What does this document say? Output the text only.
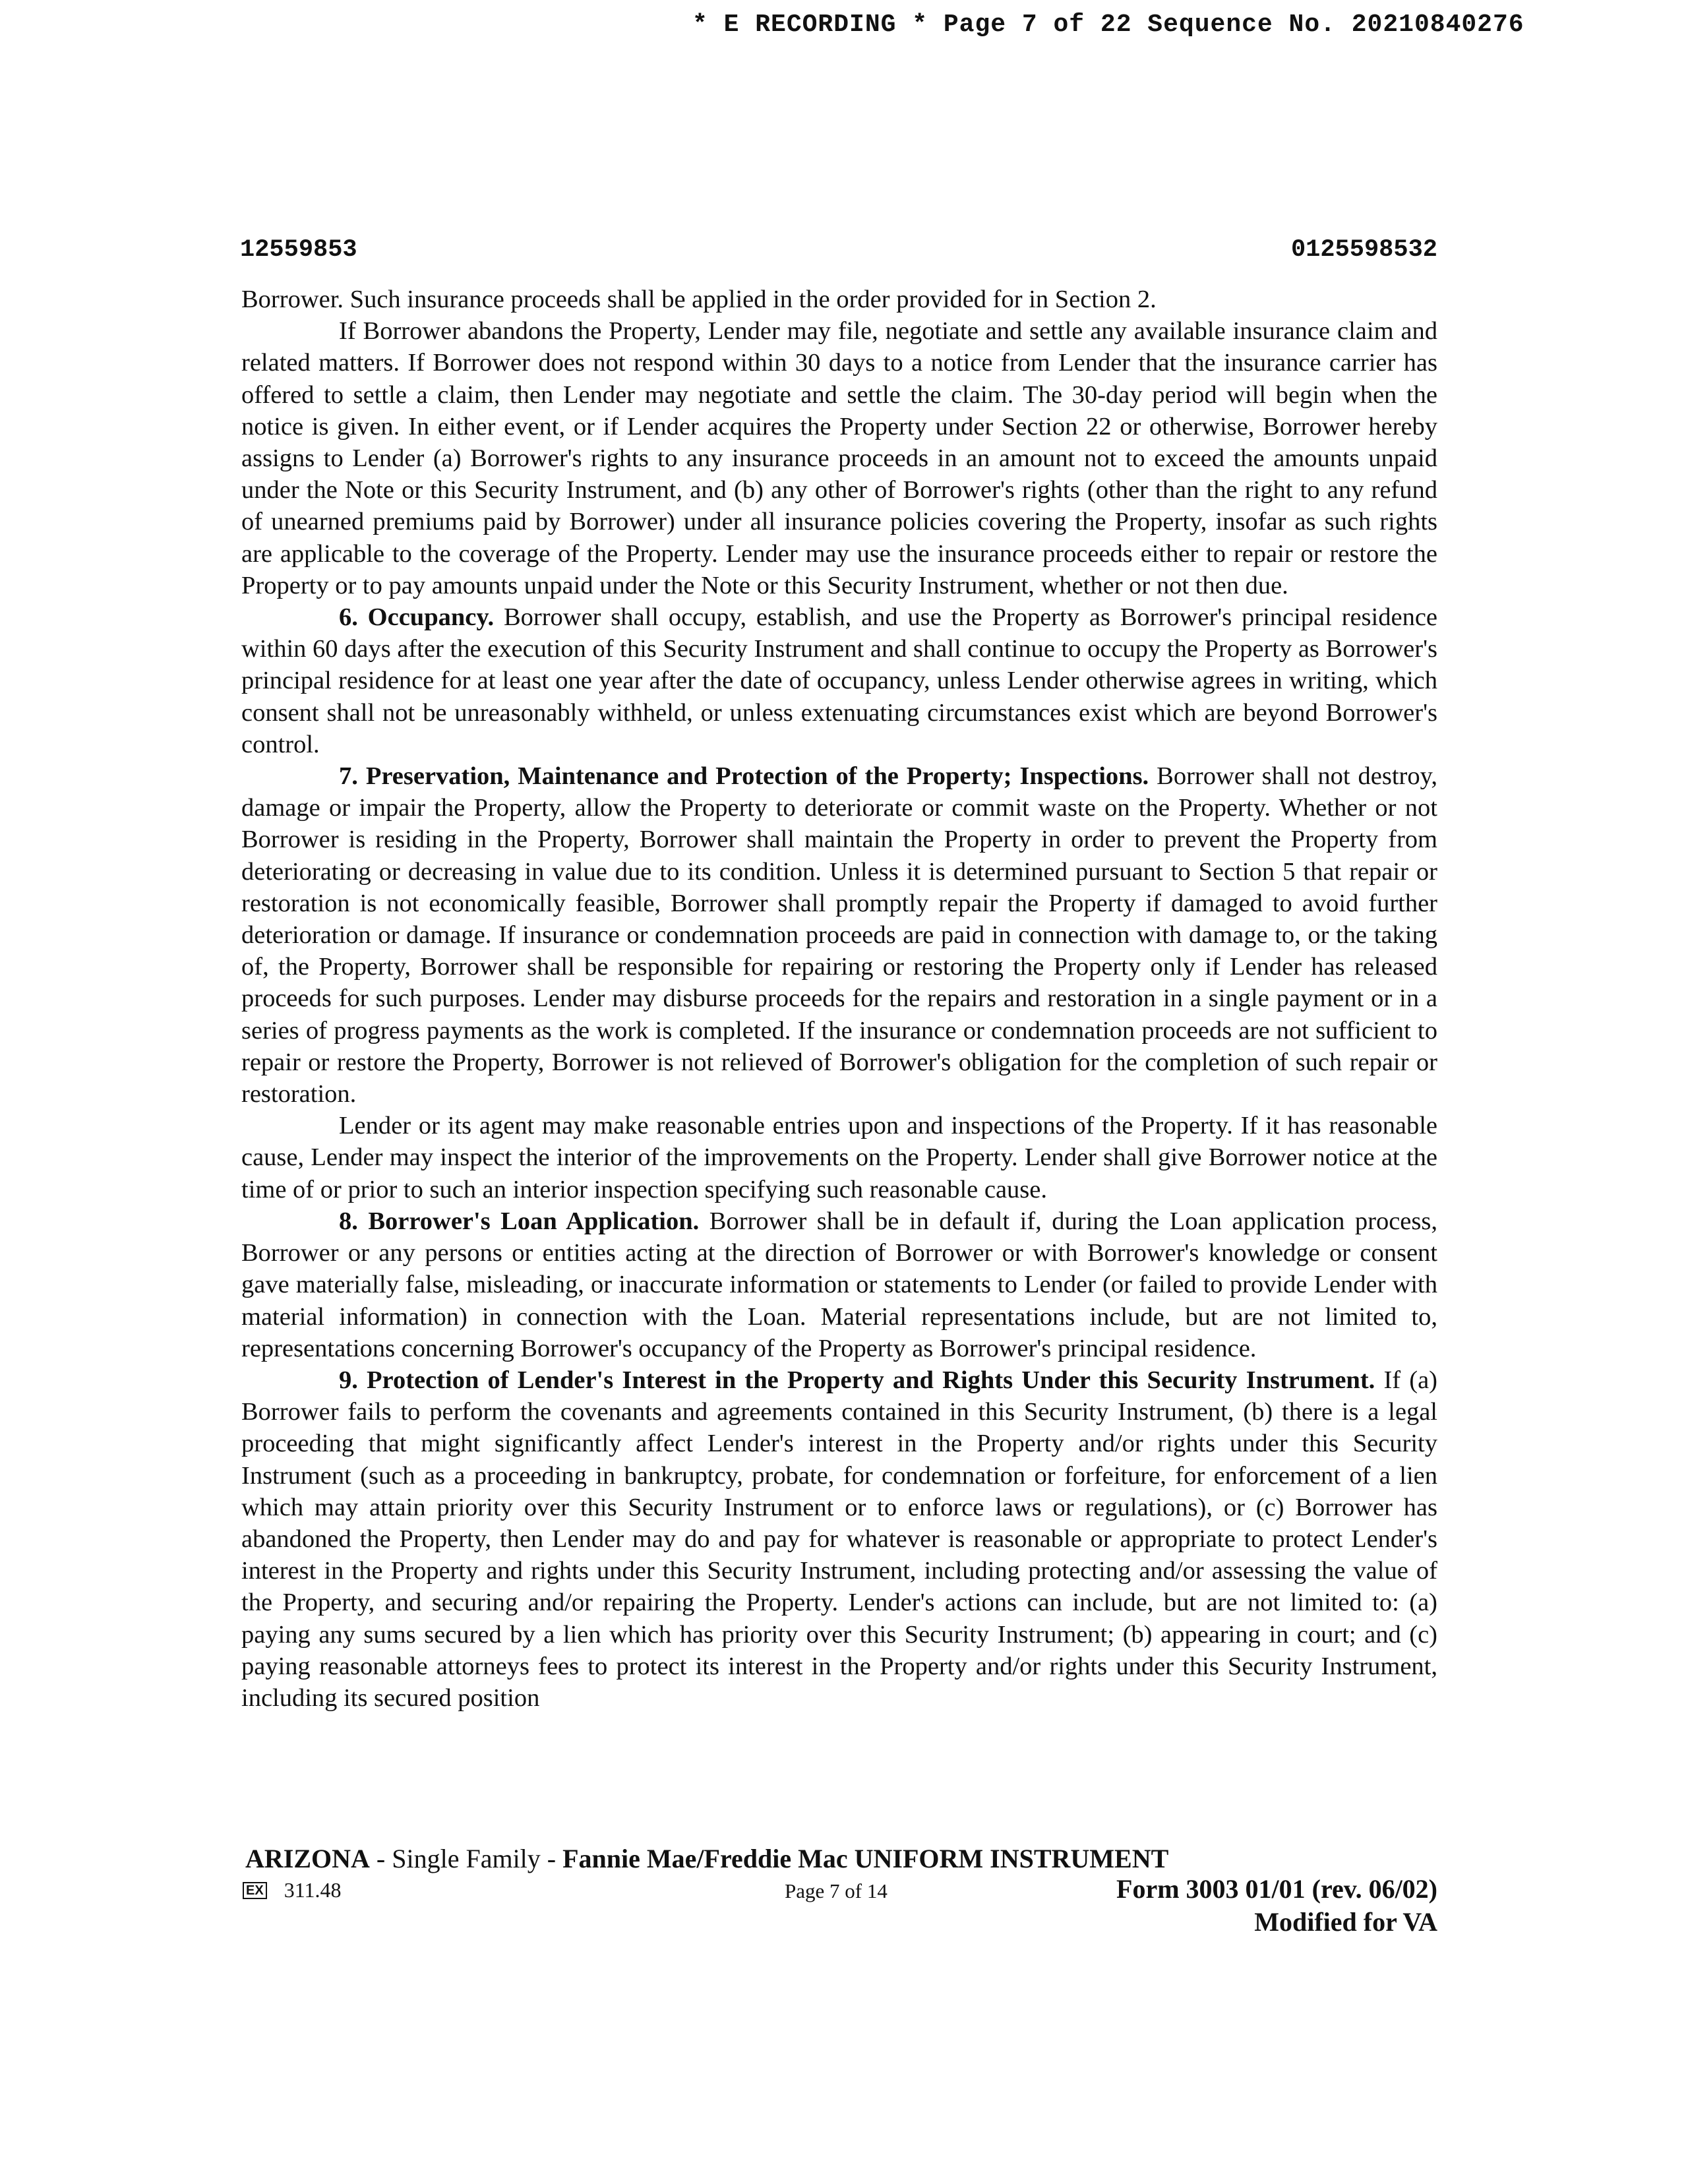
* E RECORDING * Page 7 of 22 Sequence No. 20210840276
12559853	0125598532

Borrower. Such insurance proceeds shall be applied in the order provided for in Section 2.

If Borrower abandons the Property, Lender may file, negotiate and settle any available insurance claim and related matters. If Borrower does not respond within 30 days to a notice from Lender that the insurance carrier has offered to settle a claim, then Lender may negotiate and settle the claim. The 30-day period will begin when the notice is given. In either event, or if Lender acquires the Property under Section 22 or otherwise, Borrower hereby assigns to Lender (a) Borrower's rights to any insurance proceeds in an amount not to exceed the amounts unpaid under the Note or this Security Instrument, and (b) any other of Borrower's rights (other than the right to any refund of unearned premiums paid by Borrower) under all insurance policies covering the Property, insofar as such rights are applicable to the coverage of the Property. Lender may use the insurance proceeds either to repair or restore the Property or to pay amounts unpaid under the Note or this Security Instrument, whether or not then due.

6. Occupancy. Borrower shall occupy, establish, and use the Property as Borrower's principal residence within 60 days after the execution of this Security Instrument and shall continue to occupy the Property as Borrower's principal residence for at least one year after the date of occupancy, unless Lender otherwise agrees in writing, which consent shall not be unreasonably withheld, or unless extenuating circumstances exist which are beyond Borrower's control.

7. Preservation, Maintenance and Protection of the Property; Inspections. Borrower shall not destroy, damage or impair the Property, allow the Property to deteriorate or commit waste on the Property. Whether or not Borrower is residing in the Property, Borrower shall maintain the Property in order to prevent the Property from deteriorating or decreasing in value due to its condition. Unless it is determined pursuant to Section 5 that repair or restoration is not economically feasible, Borrower shall promptly repair the Property if damaged to avoid further deterioration or damage. If insurance or condemnation proceeds are paid in connection with damage to, or the taking of, the Property, Borrower shall be responsible for repairing or restoring the Property only if Lender has released proceeds for such purposes. Lender may disburse proceeds for the repairs and restoration in a single payment or in a series of progress payments as the work is completed. If the insurance or condemnation proceeds are not sufficient to repair or restore the Property, Borrower is not relieved of Borrower's obligation for the completion of such repair or restoration.

Lender or its agent may make reasonable entries upon and inspections of the Property. If it has reasonable cause, Lender may inspect the interior of the improvements on the Property. Lender shall give Borrower notice at the time of or prior to such an interior inspection specifying such reasonable cause.

8. Borrower's Loan Application. Borrower shall be in default if, during the Loan application process, Borrower or any persons or entities acting at the direction of Borrower or with Borrower's knowledge or consent gave materially false, misleading, or inaccurate information or statements to Lender (or failed to provide Lender with material information) in connection with the Loan. Material representations include, but are not limited to, representations concerning Borrower's occupancy of the Property as Borrower's principal residence.

9. Protection of Lender's Interest in the Property and Rights Under this Security Instrument. If (a) Borrower fails to perform the covenants and agreements contained in this Security Instrument, (b) there is a legal proceeding that might significantly affect Lender's interest in the Property and/or rights under this Security Instrument (such as a proceeding in bankruptcy, probate, for condemnation or forfeiture, for enforcement of a lien which may attain priority over this Security Instrument or to enforce laws or regulations), or (c) Borrower has abandoned the Property, then Lender may do and pay for whatever is reasonable or appropriate to protect Lender's interest in the Property and rights under this Security Instrument, including protecting and/or assessing the value of the Property, and securing and/or repairing the Property. Lender's actions can include, but are not limited to: (a) paying any sums secured by a lien which has priority over this Security Instrument; (b) appearing in court; and (c) paying reasonable attorneys fees to protect its interest in the Property and/or rights under this Security Instrument, including its secured position

ARIZONA - Single Family - Fannie Mae/Freddie Mac UNIFORM INSTRUMENT
EX 311.48	Page 7 of 14	Form 3003 01/01 (rev. 06/02)
Modified for VA
